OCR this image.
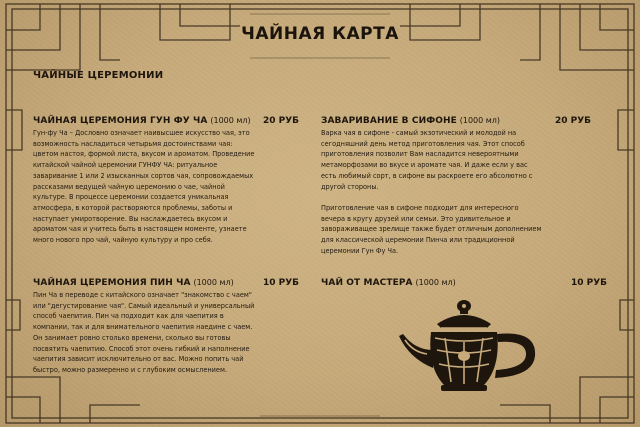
ЧАЙНАЯ КАРТА
ЧАЙНЫЕ ЦЕРЕМОНИИ
ЧАЙНАЯ ЦЕРЕМОНИЯ ГУН ФУ ЧА (1000 мл) 20 РУБ
Гун-фу Ча – Дословно означает наивысшее искусство чая, это
возможность насладиться четырьмя достоинствами чая:
цветом настоя, формой листа, вкусом и ароматом. Проведение
китайской чайной церемонии ГУНФУ ЧА: ритуальное
заваривание 1 или 2 изысканных сортов чая, сопровождаемых
рассказами ведущей чайную церемонию о чае, чайной
культуре. В процессе церемонии создается уникальная
атмосфера, в которой растворяются проблемы, заботы и
наступает умиротворение. Вы наслаждаетесь вкусом и
ароматом чая и учитесь быть в настоящем моменте, узнаете
много нового про чай, чайную культуру и про себя.
ЗАВАРИВАНИЕ В СИФОНЕ (1000 мл)	20 РУБ
Варка чая в сифоне - самый экзотический и молодой на
сегодняшний день метод приготовления чая. Этот способ
приготовления позволит Вам насладится невероятными
метаморфозами во вкусе и аромате чая. И даже если у вас
есть любимый сорт, в сифоне вы раскроете его абсолютно с
другой стороны.

Приготовление чая в сифоне подходит для интересного
вечера в кругу друзей или семьи. Это удивительное и
завораживащее зрелище также будет отличным дополнением
для классической церемонии Пинча или традиционной
церемонии Гун Фу Ча.
ЧАЙНАЯ ЦЕРЕМОНИЯ ПИН ЧА (1000 мл)	10 РУБ
Пин Ча в переводе с китайского означает "знакомство с чаем"
или "дегустирование чая". Самый идеальный и универсальный
способ чаепития. Пин ча подходит как для чаепития в
компании, так и для внимательного чаепития наедине с чаем.
Он занимает ровно столько времени, сколько вы готовы
посвятить чаепитию. Способ этот очень гибкий и наполнение
чаепития зависит исключительно от вас. Можно попить чай
быстро, можно размеренно и с глубоким осмыслением.
ЧАЙ ОТ МАСТЕРА (1000 мл)	10 РУБ
